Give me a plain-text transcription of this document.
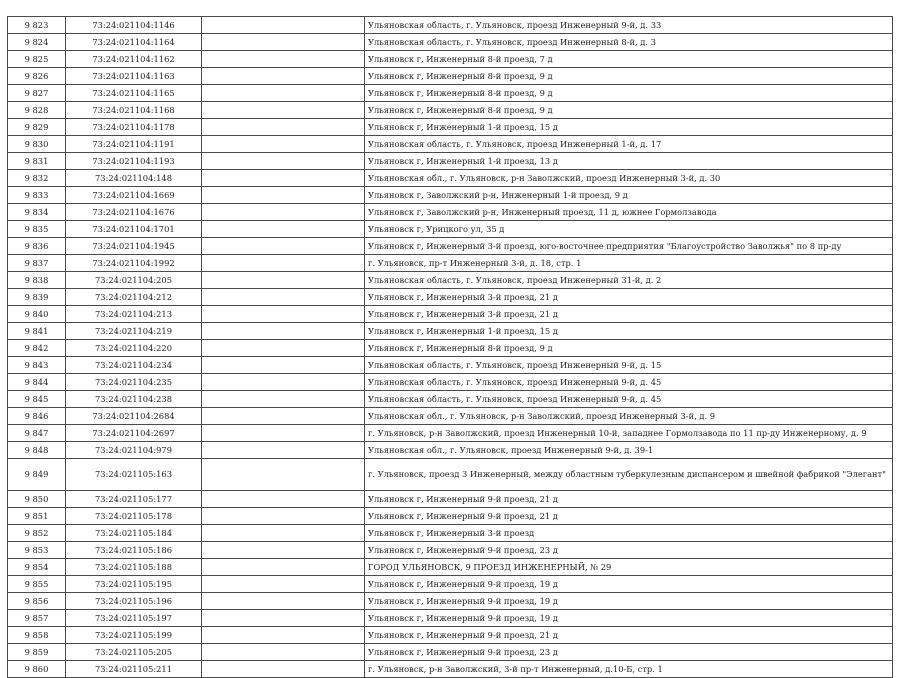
9 823	73:24:021104:1146		Ульяновская область, г. Ульяновск, проезд Инженерный 9-й, д. 33
9 824	73:24:021104:1164		Ульяновская область, г. Ульяновск, проезд Инженерный 8-й, д. 3
9 825	73:24:021104:1162		Ульяновск г, Инженерный 8-й проезд, 7 д
9 826	73:24:021104:1163		Ульяновск г, Инженерный 8-й проезд, 9 д
9 827	73:24:021104:1165		Ульяновск г, Инженерный 8-й проезд, 9 д
9 828	73:24:021104:1168		Ульяновск г, Инженерный 8-й проезд, 9 д
9 829	73:24:021104:1178		Ульяновск г, Инженерный 1-й проезд, 15 д
9 830	73:24:021104:1191		Ульяновская область, г. Ульяновск, проезд Инженерный 1-й, д. 17
9 831	73:24:021104:1193		Ульяновск г, Инженерный 1-й проезд, 13 д
9 832	73:24:021104:148		Ульяновская обл., г. Ульяновск, р-н Заволжский, проезд Инженерный 3-й, д. 30
9 833	73:24:021104:1669		Ульяновск г, Заволжский р-н, Инженерный 1-й проезд, 9 д
9 834	73:24:021104:1676		Ульяновск г, Заволжский р-н, Инженерный проезд, 11 д, южнее Гормолзавода
9 835	73:24:021104:1701		Ульяновск г, Урицкого ул, 35 д
9 836	73:24:021104:1945		Ульяновск г, Инженерный 3-й проезд, юго-восточнее предприятия "Благоустройство Заволжья" по 8 пр-ду
9 837	73:24:021104:1992		г. Ульяновск, пр-т Инженерный 3-й, д. 18, стр. 1
9 838	73:24:021104:205		Ульяновская область, г. Ульяновск, проезд Инженерный 31-й, д. 2
9 839	73:24:021104:212		Ульяновск г, Инженерный 3-й проезд, 21 д
9 840	73:24:021104:213		Ульяновск г, Инженерный 3-й проезд, 21 д
9 841	73:24:021104:219		Ульяновск г, Инженерный 1-й проезд, 15 д
9 842	73:24:021104:220		Ульяновск г, Инженерный 8-й проезд, 9 д
9 843	73:24:021104:234		Ульяновская область, г. Ульяновск, проезд Инженерный 9-й, д. 15
9 844	73:24:021104:235		Ульяновская область, г. Ульяновск, проезд Инженерный 9-й, д. 45
9 845	73:24:021104:238		Ульяновская область, г. Ульяновск, проезд Инженерный 9-й, д. 45
9 846	73:24:021104:2684		Ульяновская обл., г. Ульяновск, р-н Заволжский, проезд Инженерный 3-й, д. 9
9 847	73:24:021104:2697		г. Ульяновск, р-н Заволжский, проезд Инженерный 10-й, западнее Гормолзавода по 11 пр-ду Инженерному, д. 9
9 848	73:24:021104:979		Ульяновская обл., г. Ульяновск, проезд Инженерный 9-й, д. 39-1
9 849	73:24:021105:163		г. Ульяновск, проезд 3 Инженерный, между областным туберкулезным диспансером и швейной фабрикой "Элегант"
9 850	73:24:021105:177		Ульяновск г, Инженерный 9-й проезд, 21 д
9 851	73:24:021105:178		Ульяновск г, Инженерный 9-й проезд, 21 д
9 852	73:24:021105:184		Ульяновск г, Инженерный 3-й проезд
9 853	73:24:021105:186		Ульяновск г, Инженерный 9-й проезд, 23 д
9 854	73:24:021105:188		ГОРОД УЛЬЯНОВСК, 9 ПРОЕЗД ИНЖЕНЕРНЫЙ, № 29
9 855	73:24:021105:195		Ульяновск г, Инженерный 9-й проезд, 19 д
9 856	73:24:021105:196		Ульяновск г, Инженерный 9-й проезд, 19 д
9 857	73:24:021105:197		Ульяновск г, Инженерный 9-й проезд, 19 д
9 858	73:24:021105:199		Ульяновск г, Инженерный 9-й проезд, 21 д
9 859	73:24:021105:205		Ульяновск г, Инженерный 9-й проезд, 23 д
9 860	73:24:021105:211		г. Ульяновск, р-н Заволжский, 3-й пр-т Инженерный, д.10-Б, стр. 1
